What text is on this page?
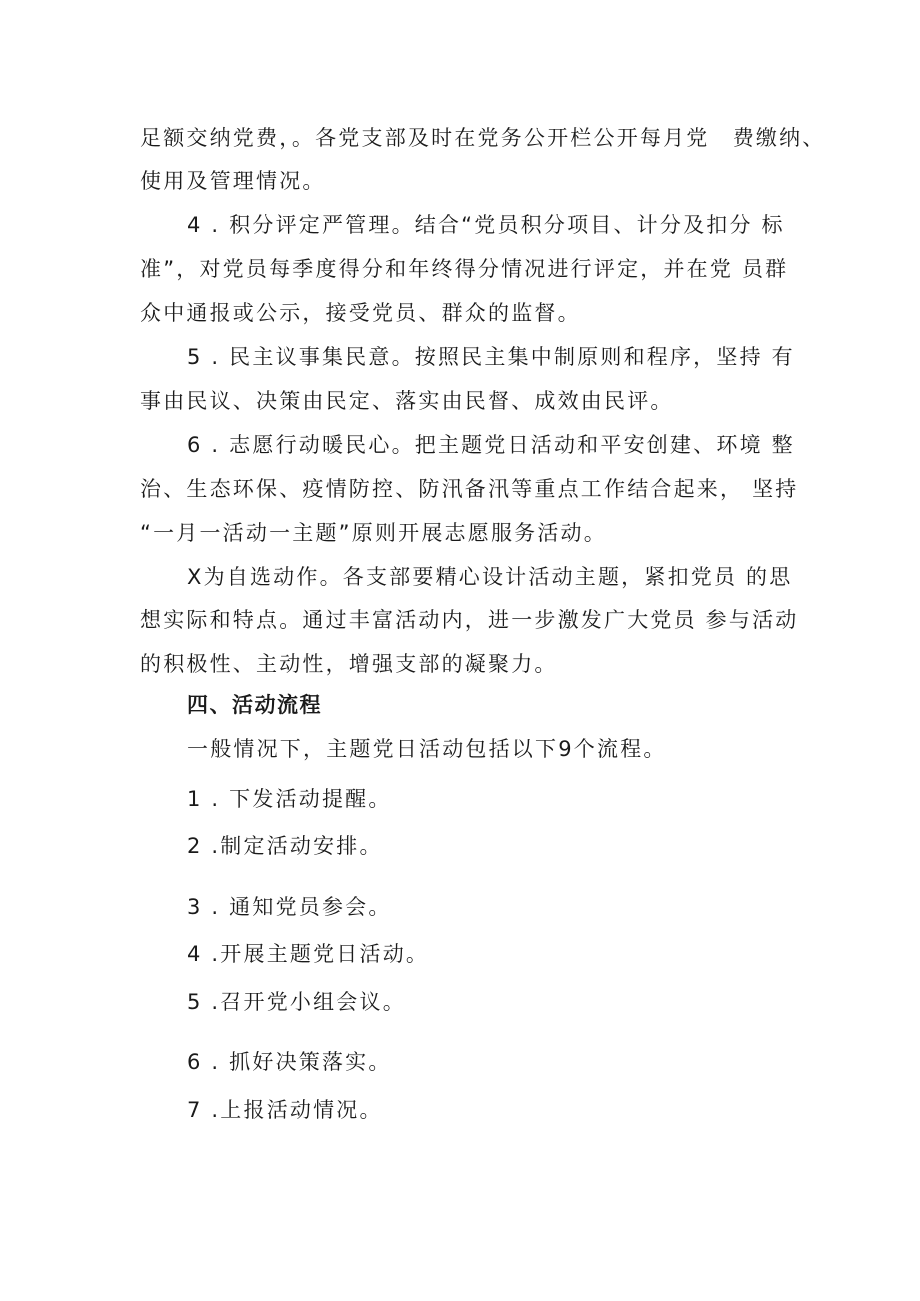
足额交纳党费，。各党支部及时在党务公开栏公开每月党　费缴纳、
使用及管理情况。
4 . 积分评定严管理。结合“党员积分项目、计分及扣分 标
准”，对党员每季度得分和年终得分情况进行评定，并在党 员群
众中通报或公示，接受党员、群众的监督。
5 . 民主议事集民意。按照民主集中制原则和程序，坚持 有
事由民议、决策由民定、落实由民督、成效由民评。
6 . 志愿行动暖民心。把主题党日活动和平安创建、环境 整
治、生态环保、疫情防控、防汛备汛等重点工作结合起来， 坚持
“一月一活动一主题”原则开展志愿服务活动。
X为自选动作。各支部要精心设计活动主题，紧扣党员 的思
想实际和特点。通过丰富活动内，进一步激发广大党员 参与活动
的积极性、主动性，增强支部的凝聚力。
四、活动流程
一般情况下，主题党日活动包括以下9个流程。
1 . 下发活动提醒。
2 .制定活动安排。
3 . 通知党员参会。
4 .开展主题党日活动。
5 .召开党小组会议。
6 . 抓好决策落实。
7 .上报活动情况。
